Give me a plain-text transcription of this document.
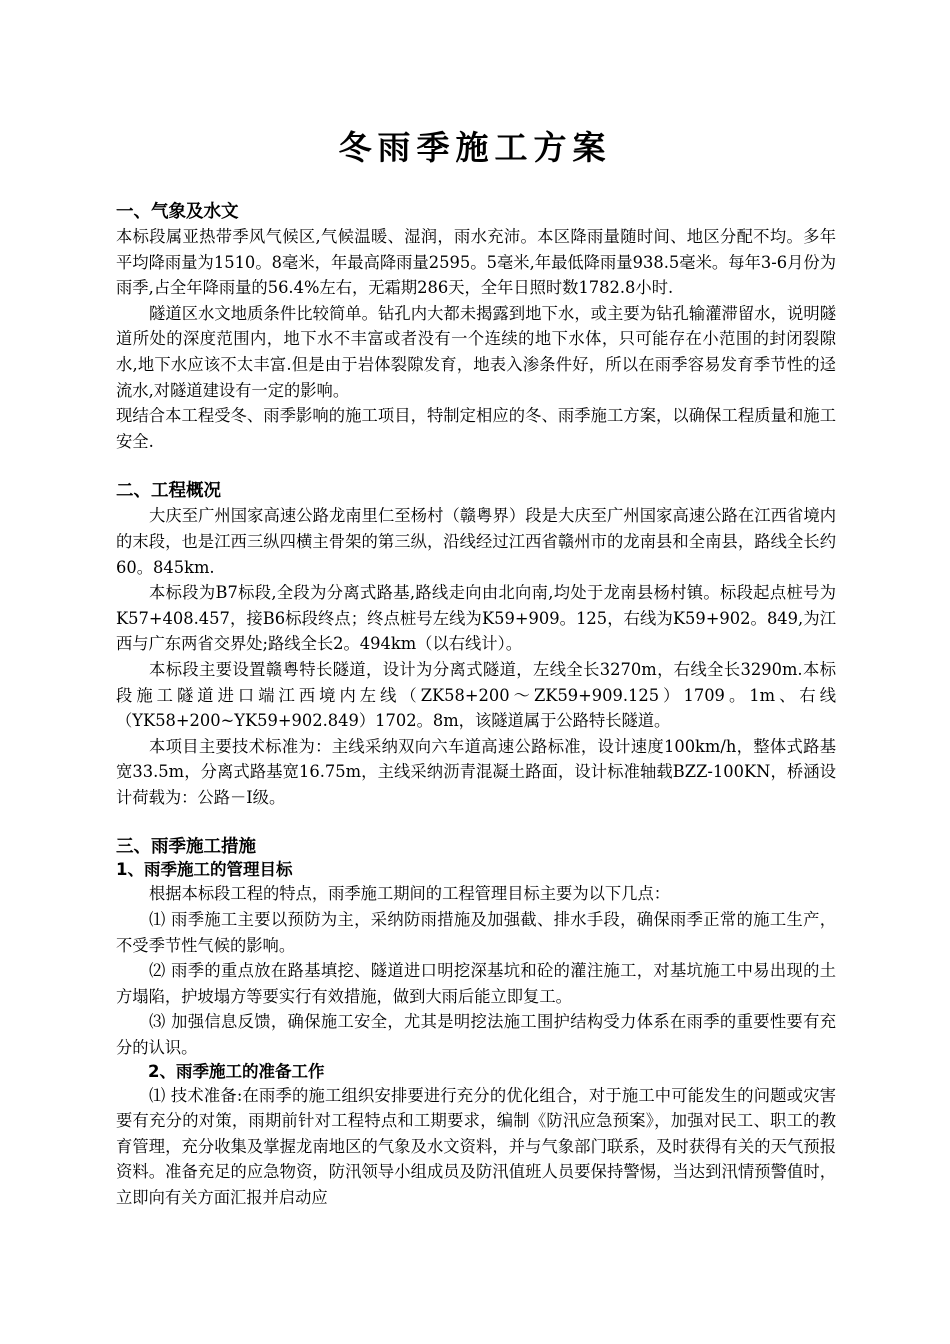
冬雨季施工方案
一、气象及水文

本标段属亚热带季风气候区,气候温暖、湿润，雨水充沛。本区降雨量随时间、地区分配不均。多年平均降雨量为1510。8毫米，年最高降雨量2595。5毫米,年最低降雨量938.5毫米。每年3-6月份为雨季,占全年降雨量的56.4%左右，无霜期286天，全年日照时数1782.8小时.

隧道区水文地质条件比较简单。钻孔内大都未揭露到地下水，或主要为钻孔输灌滞留水，说明隧道所处的深度范围内，地下水不丰富或者没有一个连续的地下水体，只可能存在小范围的封闭裂隙水,地下水应该不太丰富.但是由于岩体裂隙发育，地表入渗条件好，所以在雨季容易发育季节性的迳流水,对隧道建设有一定的影响。

现结合本工程受冬、雨季影响的施工项目，特制定相应的冬、雨季施工方案，以确保工程质量和施工安全.

二、工程概况

大庆至广州国家高速公路龙南里仁至杨村（赣粤界）段是大庆至广州国家高速公路在江西省境内的末段，也是江西三纵四横主骨架的第三纵，沿线经过江西省赣州市的龙南县和全南县，路线全长约60。845km.

本标段为B7标段,全段为分离式路基,路线走向由北向南,均处于龙南县杨村镇。标段起点桩号为K57+408.457，接B6标段终点；终点桩号左线为K59+909。125，右线为K59+902。849,为江西与广东两省交界处;路线全长2。494km（以右线计）。

本标段主要设置赣粤特长隧道，设计为分离式隧道，左线全长3270m，右线全长3290m.本标段施工隧道进口端江西境内左线（ZK58+200～ZK59+909.125）1709。1m、右线（YK58+200~YK59+902.849）1702。8m，该隧道属于公路特长隧道。

本项目主要技术标准为：主线采纳双向六车道高速公路标准，设计速度100km/h，整体式路基宽33.5m，分离式路基宽16.75m，主线采纳沥青混凝土路面，设计标准轴载BZZ-100KN，桥涵设计荷载为：公路－Ⅰ级。

三、雨季施工措施
1、雨季施工的管理目标

根据本标段工程的特点，雨季施工期间的工程管理目标主要为以下几点：

⑴ 雨季施工主要以预防为主，采纳防雨措施及加强截、排水手段，确保雨季正常的施工生产，不受季节性气候的影响。

⑵ 雨季的重点放在路基填挖、隧道进口明挖深基坑和砼的灌注施工，对基坑施工中易出现的土方塌陷，护坡塌方等要实行有效措施，做到大雨后能立即复工。

⑶ 加强信息反馈，确保施工安全，尤其是明挖法施工围护结构受力体系在雨季的重要性要有充分的认识。

2、雨季施工的准备工作

⑴ 技术准备:在雨季的施工组织安排要进行充分的优化组合，对于施工中可能发生的问题或灾害要有充分的对策，雨期前针对工程特点和工期要求，编制《防汛应急预案》，加强对民工、职工的教育管理，充分收集及掌握龙南地区的气象及水文资料，并与气象部门联系，及时获得有关的天气预报资料。准备充足的应急物资，防汛领导小组成员及防汛值班人员要保持警惕，当达到汛情预警值时，立即向有关方面汇报并启动应
